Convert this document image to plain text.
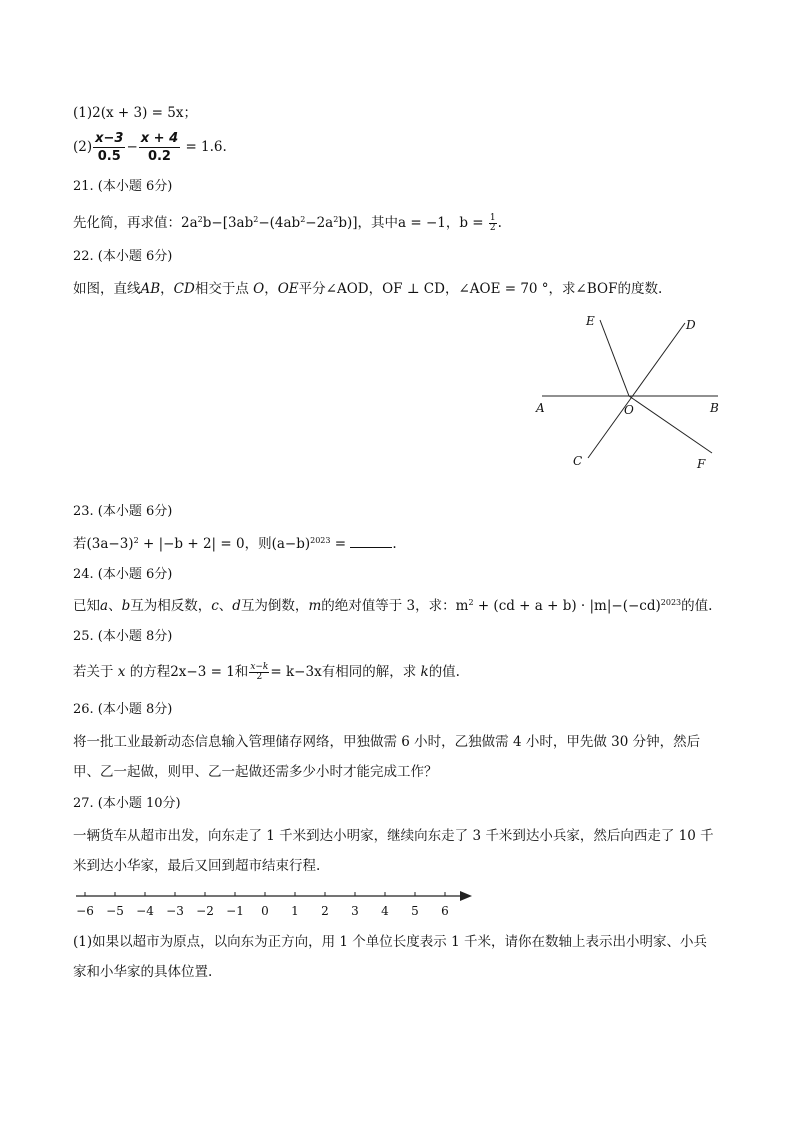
(1)2(x + 3) = 5x；
$(2) \frac{x-3}{0.5} - \frac{x + 4}{0.2} = 1.6$.
21. (本小题 6分)
先化简，再求值：$2a^2b-[3ab^2-(4ab^2-2a^2b)]$，其中a = −1，$b = \frac{1}{2}$ .
22. (本小题 6分)
如图，直线AB，CD相交于点 O，OE平分∠AOD，OF ⊥ CD，∠AOE = 70 °，求∠BOF的度数.
E	D
A	O	B
C	F
23. (本小题 6分)
若$(3a-3)^2 + |-b + 2| = 0$，则$(a-b)^{2023}$ =	.
24. (本小题 6分)
已知a、b互为相反数，c、d互为倒数，m的绝对值等于 3，求：$m^2 + (cd + a + b) \cdot |m|-(-cd)^{2023}$的值.
25. (本小题 8分)
若关于 x 的方程2x−3 = 1和 $\frac{x-k}{2} = k-3x$有相同的解，求 k的值.
26. (本小题 8分)
将一批工业最新动态信息输入管理储存网络，甲独做需 6 小时，乙独做需 4 小时，甲先做 30 分钟，然后
甲、乙一起做，则甲、乙一起做还需多少小时才能完成工作？
27. (本小题 10分)
一辆货车从超市出发，向东走了 1 千米到达小明家，继续向东走了 3 千米到达小兵家，然后向西走了 10 千
米到达小华家，最后又回到超市结束行程.
−6 −5 −4 −3 −2 −1 0 1 2 3 4 5 6
(1)如果以超市为原点，以向东为正方向，用 1 个单位长度表示 1 千米，请你在数轴上表示出小明家、小兵
家和小华家的具体位置.
